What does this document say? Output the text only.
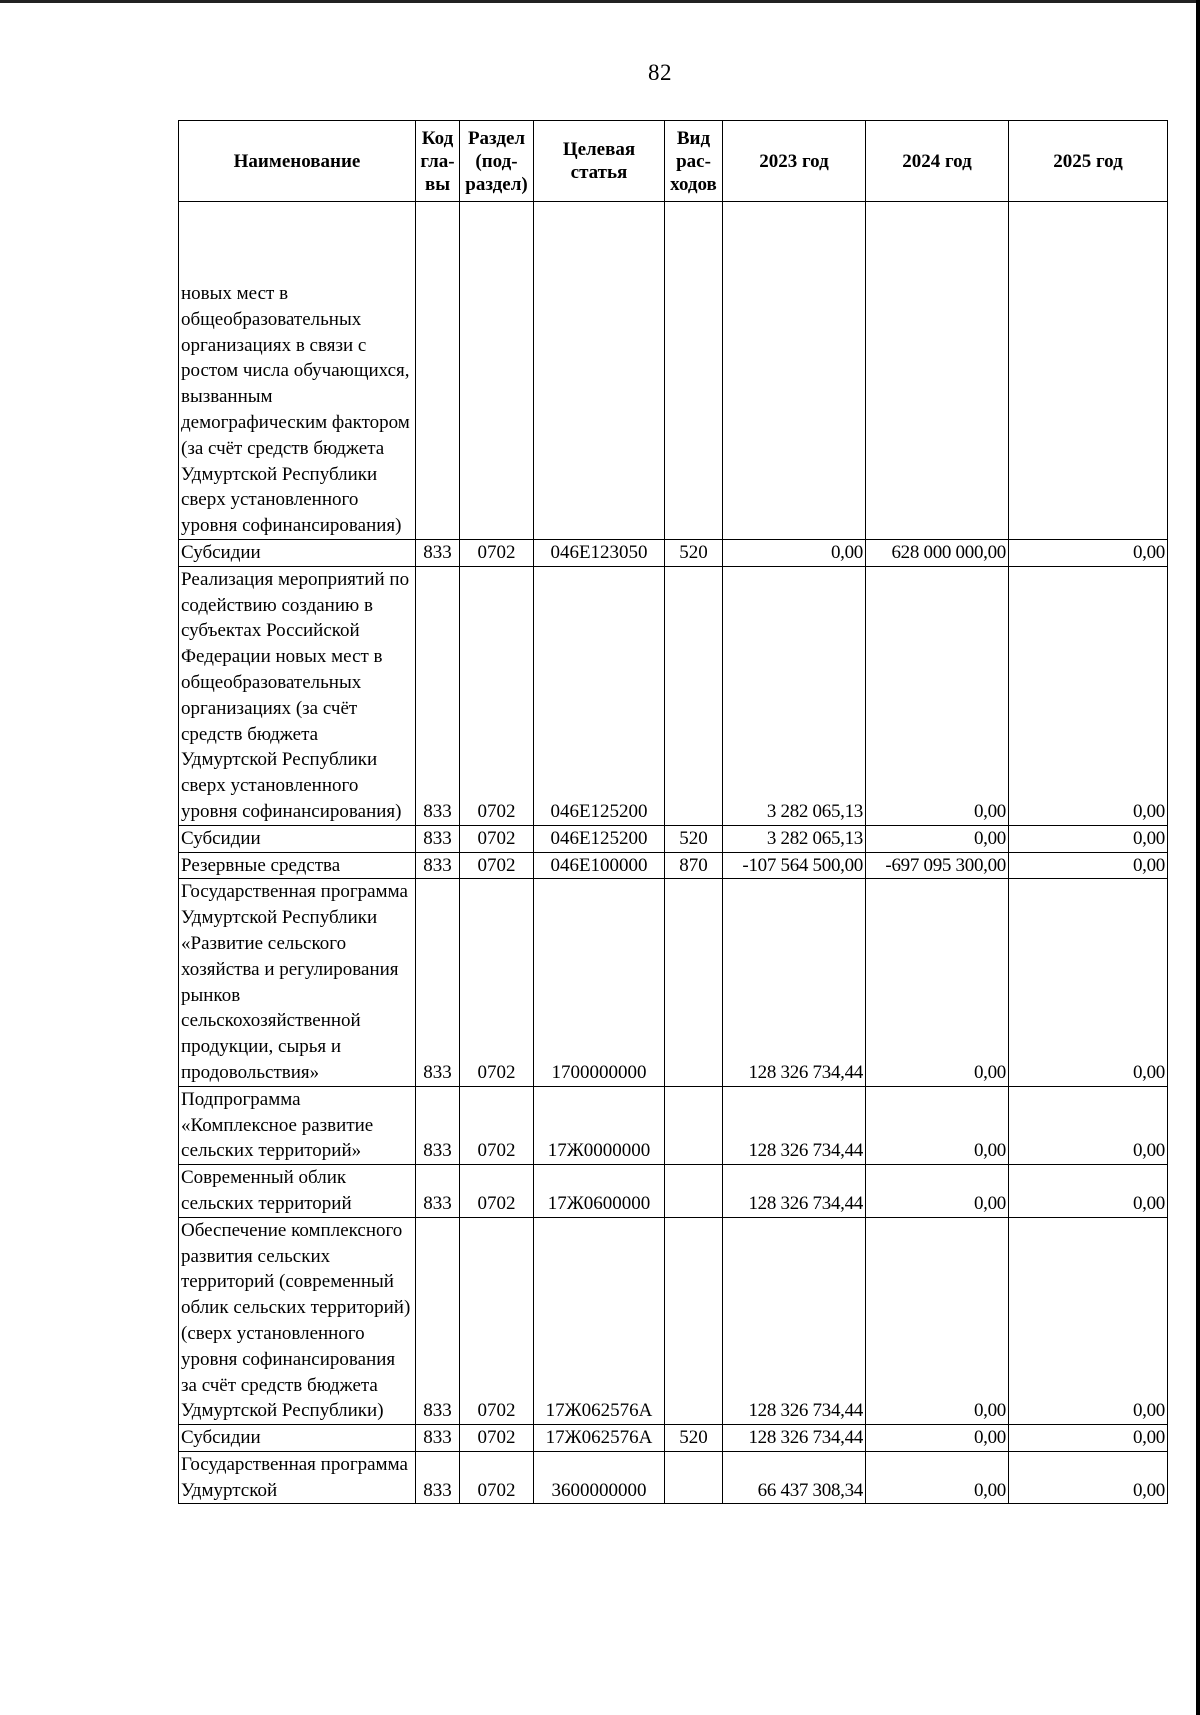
82
Наименование	Код гла-вы	Раздел (под-раздел)	Целевая статья	Вид рас-ходов	2023 год	2024 год	2025 год
новых мест в общеобразовательных организациях в связи с ростом числа обучающихся, вызванным демографическим фактором (за счёт средств бюджета Удмуртской Республики сверх установленного уровня софинансирования)							
Субсидии	833	0702	046E123050	520	0,00	628 000 000,00	0,00
Реализация мероприятий по содействию созданию в субъектах Российской Федерации новых мест в общеобразовательных организациях (за счёт средств бюджета Удмуртской Республики сверх установленного уровня софинансирования)	833	0702	046E125200		3 282 065,13	0,00	0,00
Субсидии	833	0702	046E125200	520	3 282 065,13	0,00	0,00
Резервные средства	833	0702	046E100000	870	-107 564 500,00	-697 095 300,00	0,00
Государственная программа Удмуртской Республики «Развитие сельского хозяйства и регулирования рынков сельскохозяйственной продукции, сырья и продовольствия»	833	0702	1700000000		128 326 734,44	0,00	0,00
Подпрограмма «Комплексное развитие сельских территорий»	833	0702	17Ж0000000		128 326 734,44	0,00	0,00
Современный облик сельских территорий	833	0702	17Ж0600000		128 326 734,44	0,00	0,00
Обеспечение комплексного развития сельских территорий (современный облик сельских территорий) (сверх установленного уровня софинансирования за счёт средств бюджета Удмуртской Республики)	833	0702	17Ж062576А		128 326 734,44	0,00	0,00
Субсидии	833	0702	17Ж062576А	520	128 326 734,44	0,00	0,00
Государственная программа Удмуртской	833	0702	3600000000		66 437 308,34	0,00	0,00
